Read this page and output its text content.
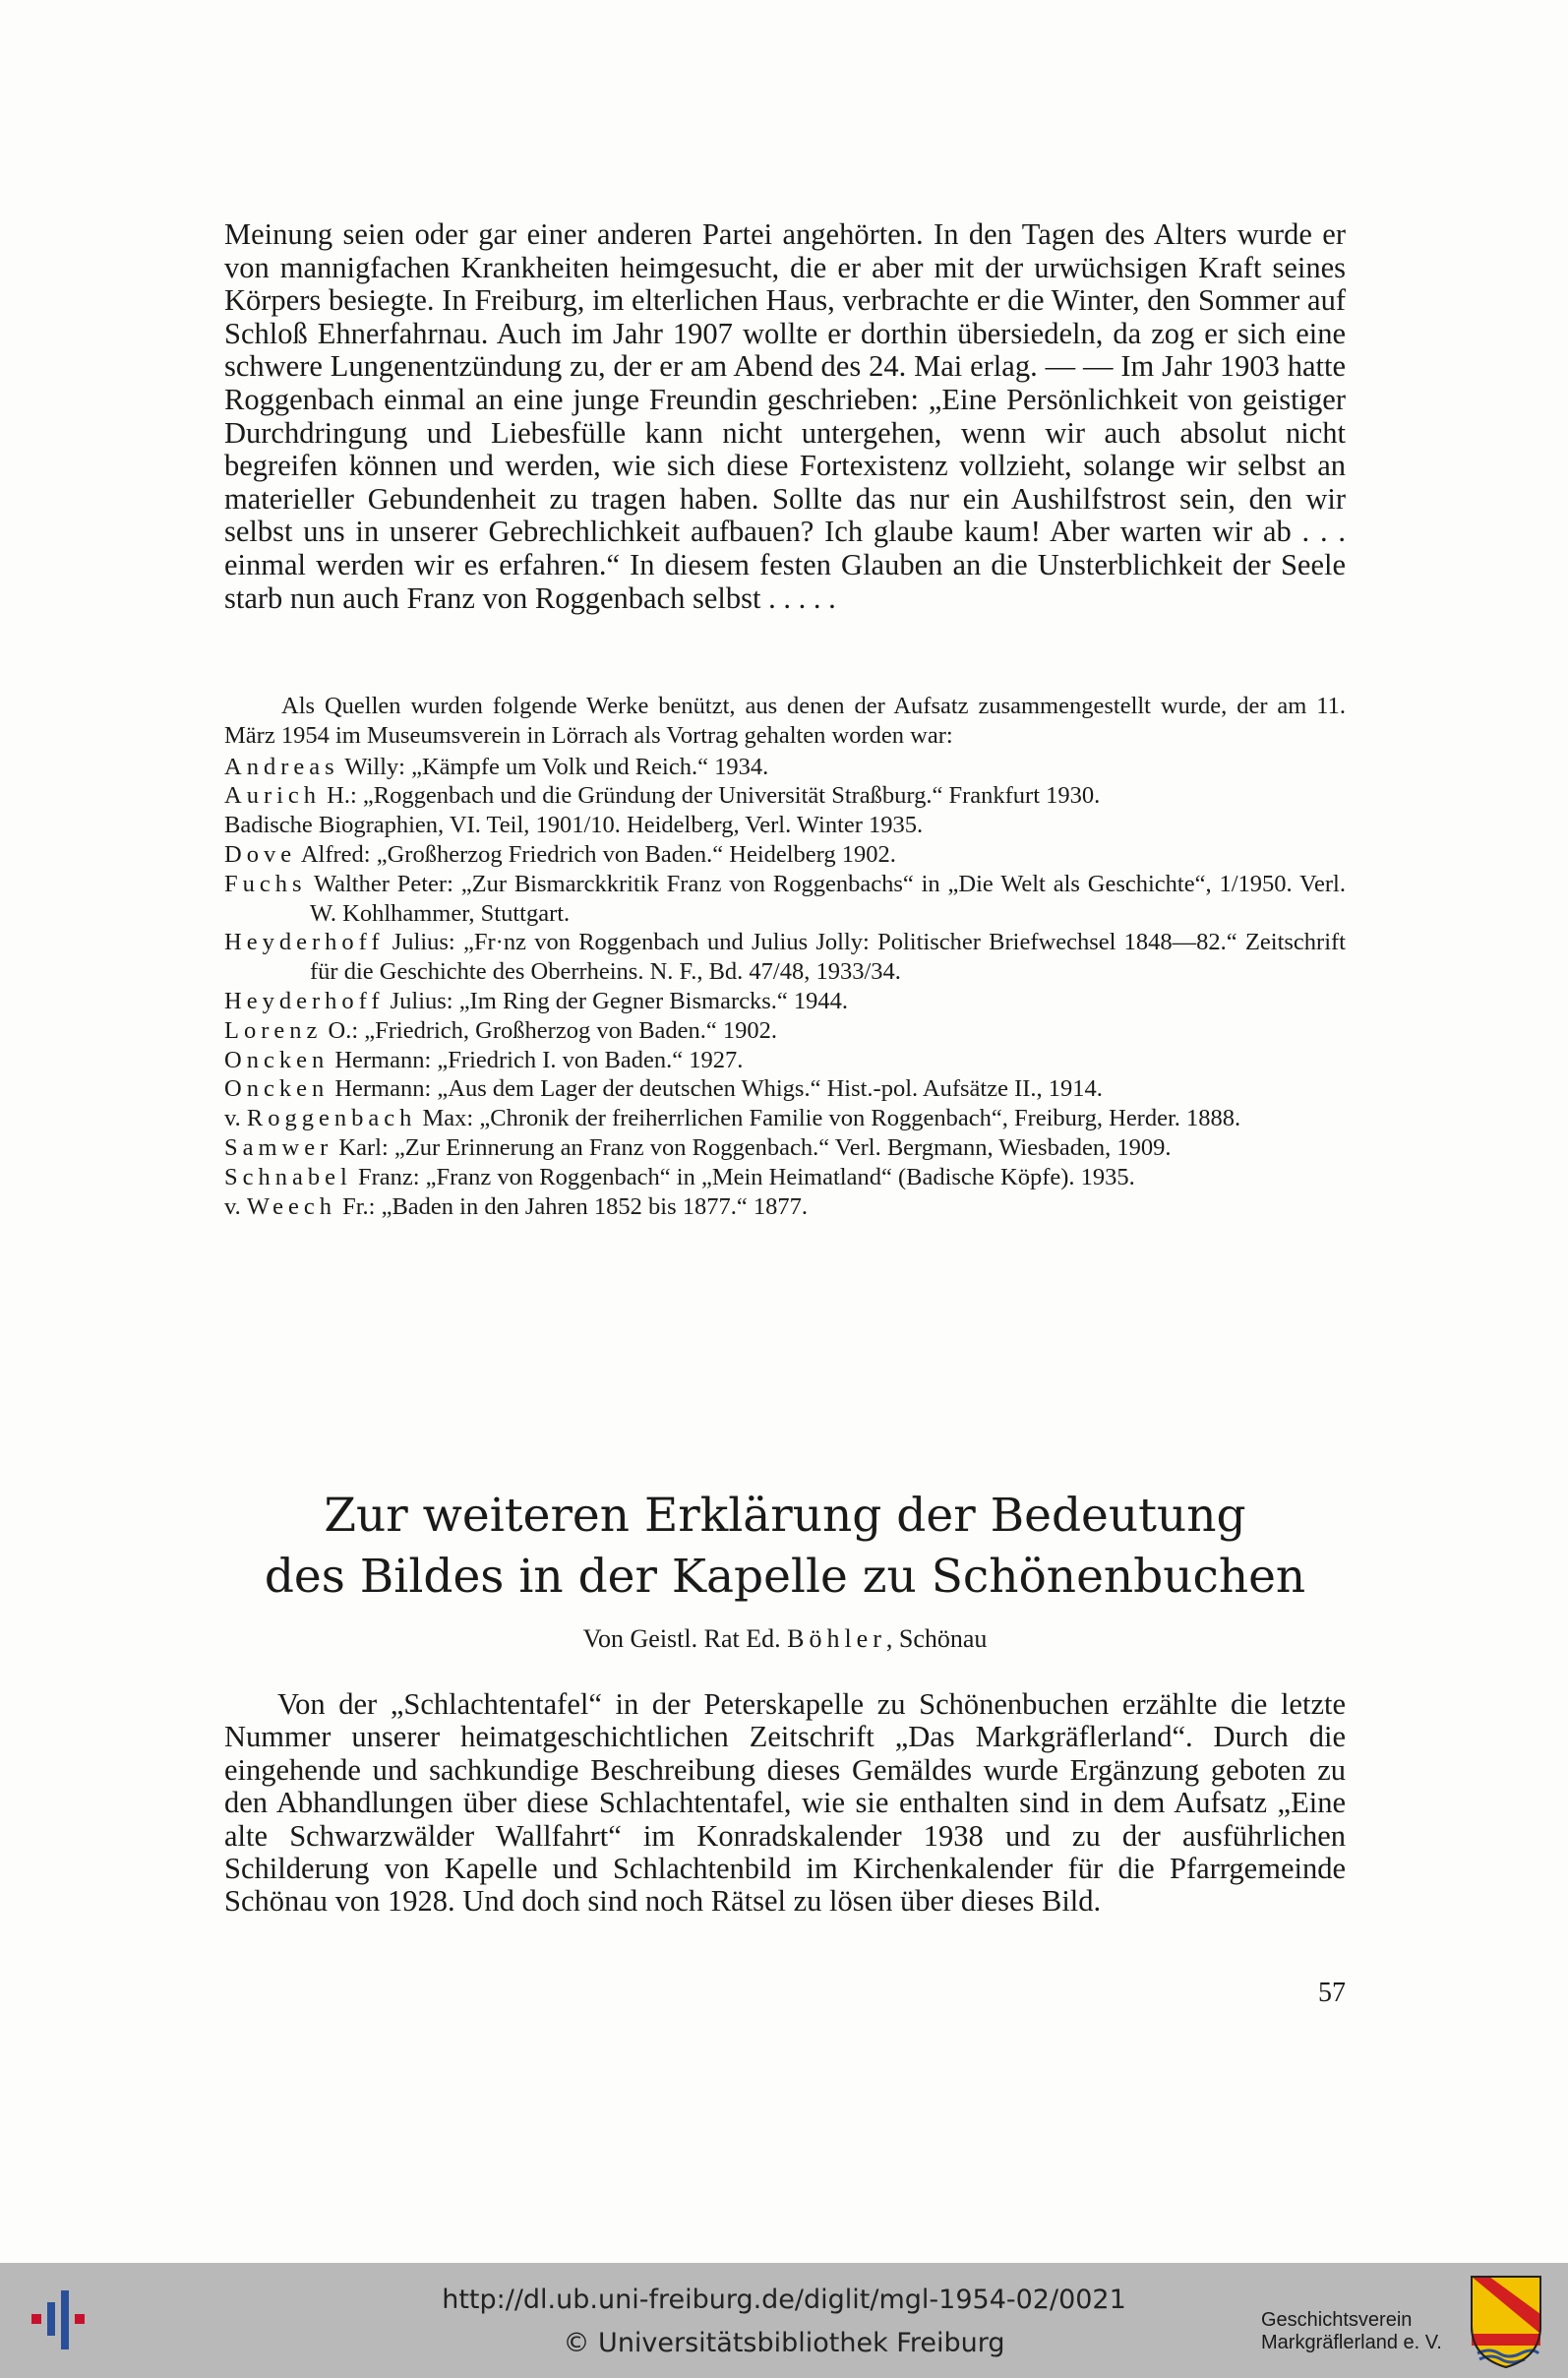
Meinung seien oder gar einer anderen Partei angehörten. In den Tagen des Alters wurde er von mannigfachen Krankheiten heimgesucht, die er aber mit der urwüchsigen Kraft seines Körpers besiegte. In Freiburg, im elterlichen Haus, verbrachte er die Winter, den Sommer auf Schloß Ehnerfahrnau. Auch im Jahr 1907 wollte er dorthin übersiedeln, da zog er sich eine schwere Lungenentzündung zu, der er am Abend des 24. Mai erlag. — — Im Jahr 1903 hatte Roggenbach einmal an eine junge Freundin geschrieben: „Eine Persönlichkeit von geistiger Durchdringung und Liebesfülle kann nicht untergehen, wenn wir auch absolut nicht begreifen können und werden, wie sich diese Fortexistenz vollzieht, solange wir selbst an materieller Gebundenheit zu tragen haben. Sollte das nur ein Aushilfstrost sein, den wir selbst uns in unserer Gebrechlichkeit aufbauen? Ich glaube kaum! Aber warten wir ab . . . einmal werden wir es erfahren.“ In diesem festen Glauben an die Unsterblichkeit der Seele starb nun auch Franz von Roggenbach selbst . . . . .

Als Quellen wurden folgende Werke benützt, aus denen der Aufsatz zusammengestellt wurde, der am 11. März 1954 im Museumsverein in Lörrach als Vortrag gehalten worden war:

Andreas Willy: „Kämpfe um Volk und Reich.“ 1934.
Aurich H.: „Roggenbach und die Gründung der Universität Straßburg.“ Frankfurt 1930.
Badische Biographien, VI. Teil, 1901/10. Heidelberg, Verl. Winter 1935.
Dove Alfred: „Großherzog Friedrich von Baden.“ Heidelberg 1902.
Fuchs Walther Peter: „Zur Bismarckkritik Franz von Roggenbachs“ in „Die Welt als Geschichte“, 1/1950. Verl. W. Kohlhammer, Stuttgart.
Heyderhoff Julius: „Fr·nz von Roggenbach und Julius Jolly: Politischer Briefwechsel 1848—82.“ Zeitschrift für die Geschichte des Oberrheins. N. F., Bd. 47/48, 1933/34.
Heyderhoff Julius: „Im Ring der Gegner Bismarcks.“ 1944.
Lorenz O.: „Friedrich, Großherzog von Baden.“ 1902.
Oncken Hermann: „Friedrich I. von Baden.“ 1927.
Oncken Hermann: „Aus dem Lager der deutschen Whigs.“ Hist.-pol. Aufsätze II., 1914.
v. Roggenbach Max: „Chronik der freiherrlichen Familie von Roggenbach“, Freiburg, Herder. 1888.
Samwer Karl: „Zur Erinnerung an Franz von Roggenbach.“ Verl. Bergmann, Wiesbaden, 1909.
Schnabel Franz: „Franz von Roggenbach“ in „Mein Heimatland“ (Badische Köpfe). 1935.
v. Weech Fr.: „Baden in den Jahren 1852 bis 1877.“ 1877.
Zur weiteren Erklärung der Bedeutung
des Bildes in der Kapelle zu Schönenbuchen
Von Geistl. Rat Ed. Böhler, Schönau

Von der „Schlachtentafel“ in der Peterskapelle zu Schönenbuchen erzählte die letzte Nummer unserer heimatgeschichtlichen Zeitschrift „Das Markgräflerland“. Durch die eingehende und sachkundige Beschreibung dieses Gemäldes wurde Ergänzung geboten zu den Abhandlungen über diese Schlachtentafel, wie sie enthalten sind in dem Aufsatz „Eine alte Schwarzwälder Wallfahrt“ im Konradskalender 1938 und zu der ausführlichen Schilderung von Kapelle und Schlachtenbild im Kirchenkalender für die Pfarrgemeinde Schönau von 1928. Und doch sind noch Rätsel zu lösen über dieses Bild.

57
http://dl.ub.uni-freiburg.de/diglit/mgl-1954-02/0021
© Universitätsbibliothek Freiburg
Geschichtsverein
Markgräflerland e. V.
